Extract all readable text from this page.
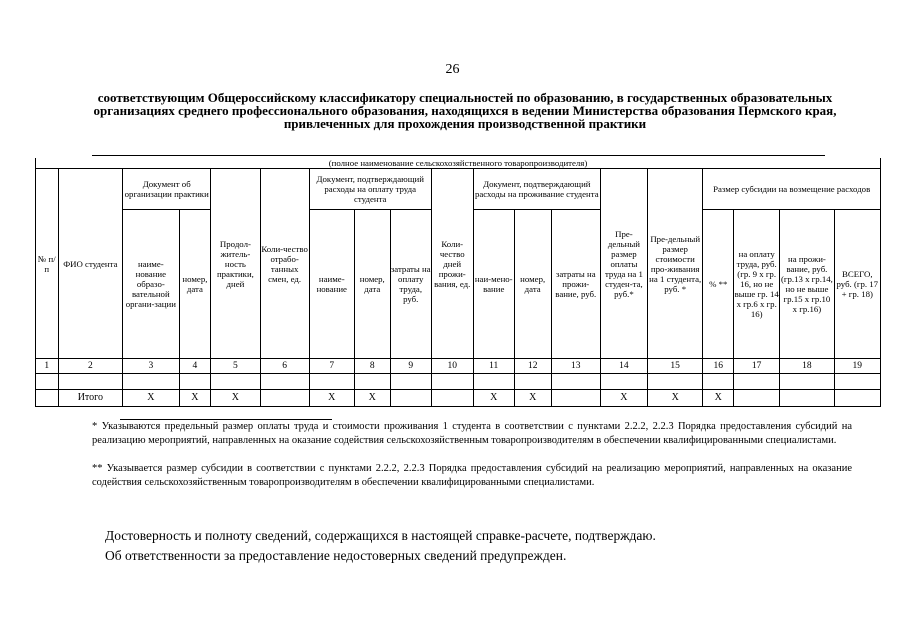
26
соответствующим Общероссийскому классификатору специальностей по образованию, в государственных образовательных организациях среднего профессионального образования, находящихся в ведении Министерства образования Пермского края, привлеченных для прохождения производственной практики
(полное наименование сельскохозяйственного товаропроизводителя)																		
№ п/п	ФИО студента	Документ об организации практики		Продол-житель-ность практики, дней	Коли-чество отрабо-танных смен, ед.	Документ, подтверждающий расходы на оплату труда студента			Коли-чество дней прожи-вания, ед.	Документ, подтверждающий расходы на проживание студента			Пре-дельный размер оплаты труда на 1 студен-та, руб.*	Пре-дельный размер стоимости про-живания на 1 студента, руб. *	Размер субсидии на возмещение расходов			
		наиме-нование образо-вательной органи-зации	номер, дата			наиме-нование	номер, дата	затраты на оплату труда, руб.		наи-мено-вание	номер, дата	затраты на прожи-вание, руб.			% **	на оплату труда, руб. (гр. 9 х гр. 16, но не выше гр. 14 х гр.6 х гр. 16)	на прожи-вание, руб. (гр.13 х гр.14, но не выше гр.15 х гр.10 х гр.16)	ВСЕГО, руб. (гр. 17 + гр. 18)
1	2	3	4	5	6	7	8	9	10	11	12	13	14	15	16	17	18	19

	Итого	Х	Х	Х		Х	Х			Х	Х		Х	Х	Х			
* Указываются предельный размер оплаты труда и стоимости проживания 1 студента в соответствии с пунктами 2.2.2, 2.2.3 Порядка предоставления субсидий на реализацию мероприятий, направленных на оказание содействия сельскохозяйственным товаропроизводителям в обеспечении квалифицированными специалистами.
** Указывается размер субсидии в соответствии с пунктами 2.2.2, 2.2.3 Порядка предоставления субсидий на реализацию мероприятий, направленных на оказание содействия сельскохозяйственным товаропроизводителям в обеспечении квалифицированными специалистами.
Достоверность и полноту сведений, содержащихся в настоящей справке-расчете, подтверждаю.
Об ответственности за предоставление недостоверных сведений предупрежден.
